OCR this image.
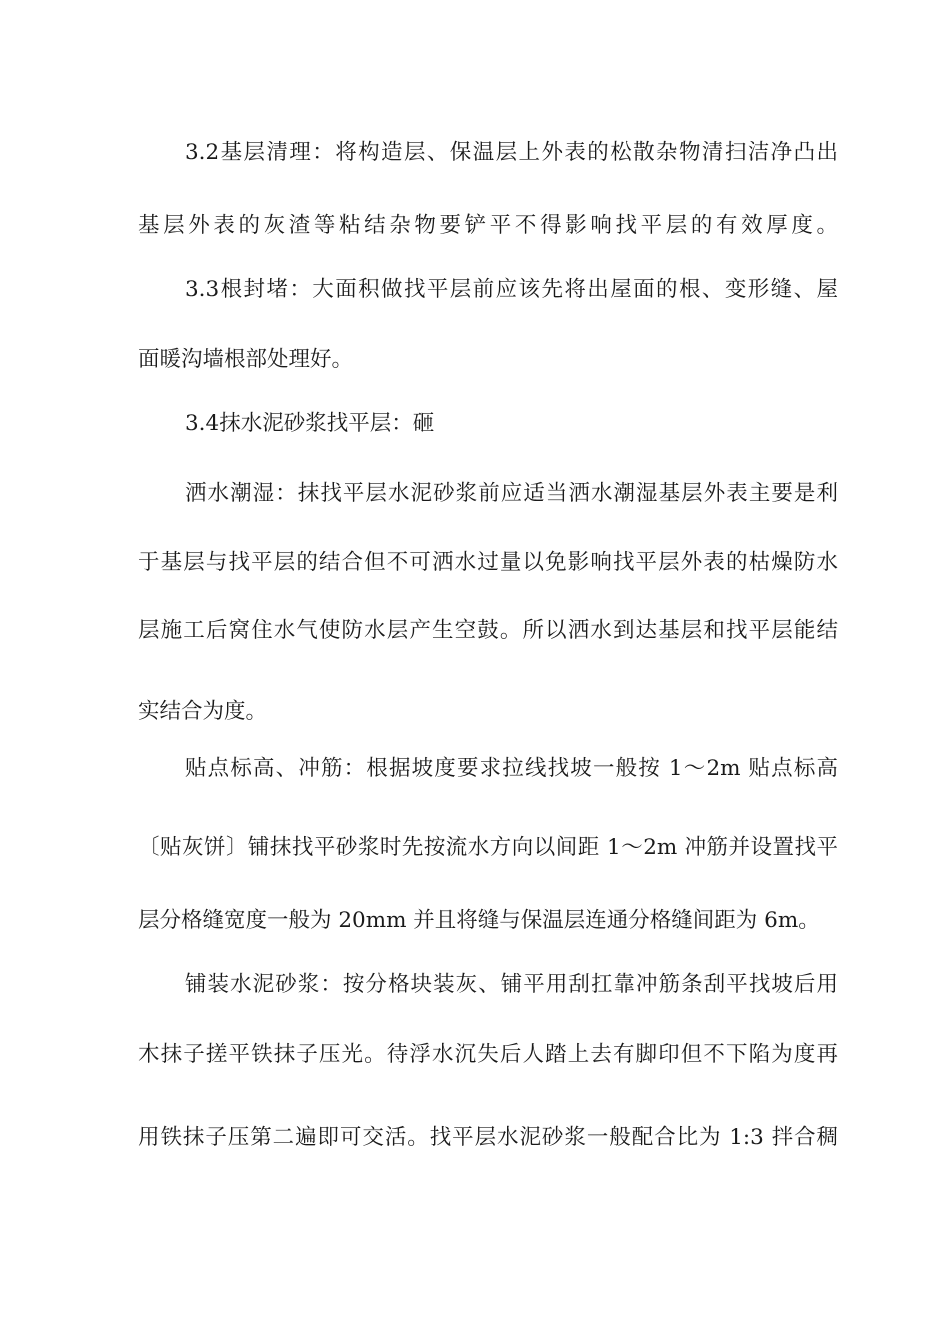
3.2基层清理：将构造层、保温层上外表的松散杂物清扫洁净凸出
基层外表的灰渣等粘结杂物要铲平不得影响找平层的有效厚度。
3.3根封堵：大面积做找平层前应该先将出屋面的根、变形缝、屋
面暖沟墙根部处理好。
3.4抹水泥砂浆找平层：砸
洒水潮湿：抹找平层水泥砂浆前应适当洒水潮湿基层外表主要是利
于基层与找平层的结合但不可洒水过量以免影响找平层外表的枯燥防水
层施工后窝住水气使防水层产生空鼓。所以洒水到达基层和找平层能结
实结合为度。
贴点标高、冲筋：根据坡度要求拉线找坡一般按 1～2m 贴点标高
〔贴灰饼〕铺抹找平砂浆时先按流水方向以间距 1～2m 冲筋并设置找平
层分格缝宽度一般为 20mm 并且将缝与保温层连通分格缝间距为 6m。
铺装水泥砂浆：按分格块装灰、铺平用刮扛靠冲筋条刮平找坡后用
木抹子搓平铁抹子压光。待浮水沉失后人踏上去有脚印但不下陷为度再
用铁抹子压第二遍即可交活。找平层水泥砂浆一般配合比为 1:3 拌合稠
